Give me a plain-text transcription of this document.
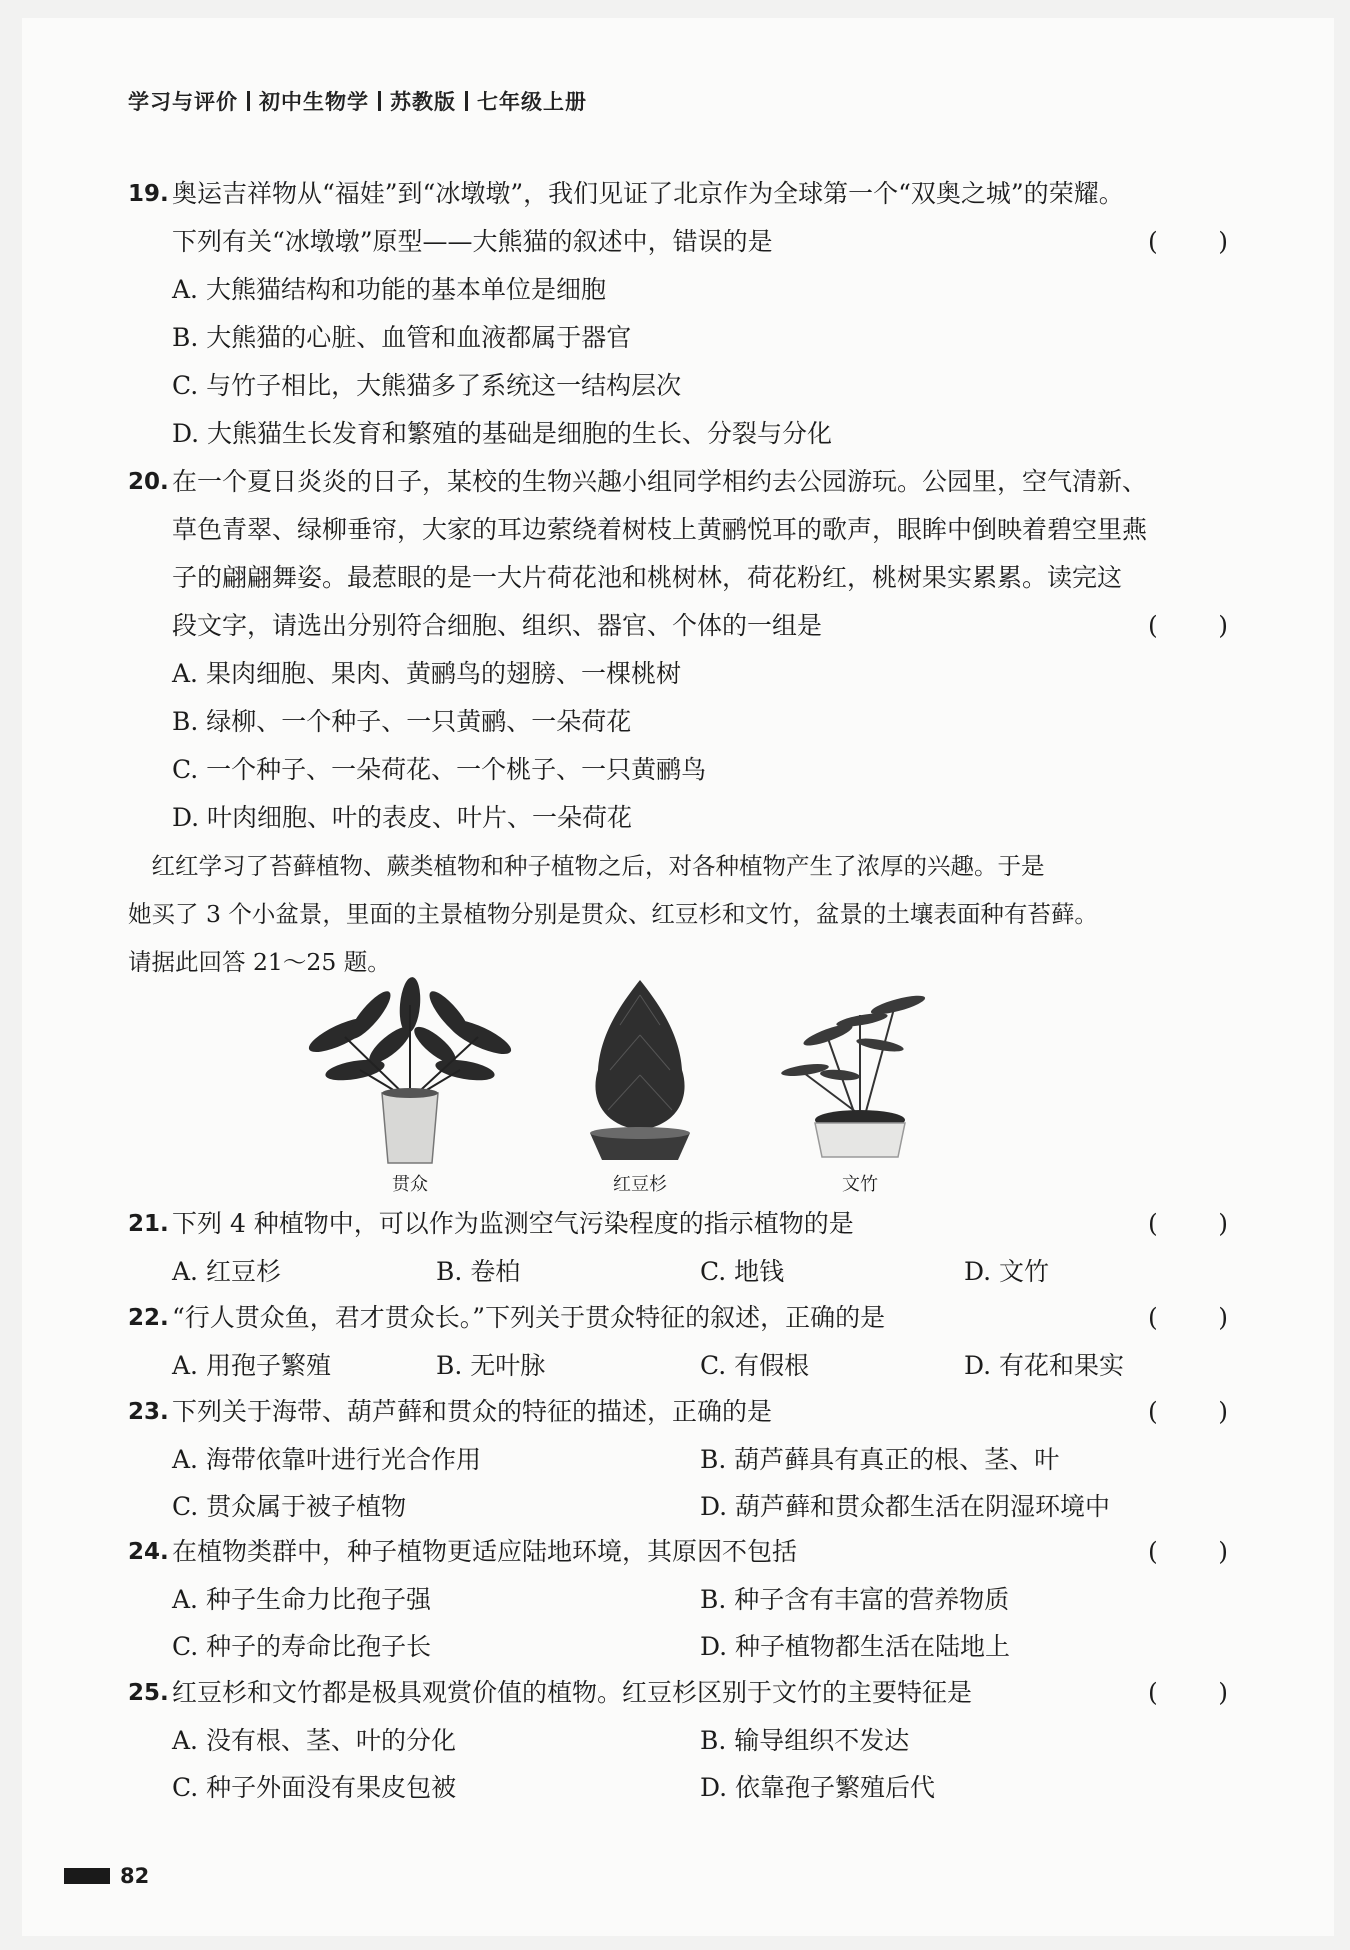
学习与评价 初中生物学 苏教版 七年级上册
19. 奥运吉祥物从“福娃”到“冰墩墩”，我们见证了北京作为全球第一个“双奥之城”的荣耀。
下列有关“冰墩墩”原型——大熊猫的叙述中，错误的是	( )
A. 大熊猫结构和功能的基本单位是细胞
B. 大熊猫的心脏、血管和血液都属于器官
C. 与竹子相比，大熊猫多了系统这一结构层次
D. 大熊猫生长发育和繁殖的基础是细胞的生长、分裂与分化
20. 在一个夏日炎炎的日子，某校的生物兴趣小组同学相约去公园游玩。公园里，空气清新、
草色青翠、绿柳垂帘，大家的耳边萦绕着树枝上黄鹂悦耳的歌声，眼眸中倒映着碧空里燕
子的翩翩舞姿。最惹眼的是一大片荷花池和桃树林，荷花粉红，桃树果实累累。读完这
段文字，请选出分别符合细胞、组织、器官、个体的一组是	( )
A. 果肉细胞、果肉、黄鹂鸟的翅膀、一棵桃树
B. 绿柳、一个种子、一只黄鹂、一朵荷花
C. 一个种子、一朵荷花、一个桃子、一只黄鹂鸟
D. 叶肉细胞、叶的表皮、叶片、一朵荷花
　红红学习了苔藓植物、蕨类植物和种子植物之后，对各种植物产生了浓厚的兴趣。于是
她买了 3 个小盆景，里面的主景植物分别是贯众、红豆杉和文竹，盆景的土壤表面种有苔藓。
请据此回答 21～25 题。
贯众	红豆杉	文竹
21. 下列 4 种植物中，可以作为监测空气污染程度的指示植物的是	( )
A. 红豆杉	B. 卷柏	C. 地钱	D. 文竹
22. “行人贯众鱼，君才贯众长。”下列关于贯众特征的叙述，正确的是	( )
A. 用孢子繁殖	B. 无叶脉	C. 有假根	D. 有花和果实
23. 下列关于海带、葫芦藓和贯众的特征的描述，正确的是	( )
A. 海带依靠叶进行光合作用	B. 葫芦藓具有真正的根、茎、叶
C. 贯众属于被子植物	D. 葫芦藓和贯众都生活在阴湿环境中
24. 在植物类群中，种子植物更适应陆地环境，其原因不包括	( )
A. 种子生命力比孢子强	B. 种子含有丰富的营养物质
C. 种子的寿命比孢子长	D. 种子植物都生活在陆地上
25. 红豆杉和文竹都是极具观赏价值的植物。红豆杉区别于文竹的主要特征是	( )
A. 没有根、茎、叶的分化	B. 输导组织不发达
C. 种子外面没有果皮包被	D. 依靠孢子繁殖后代
82
